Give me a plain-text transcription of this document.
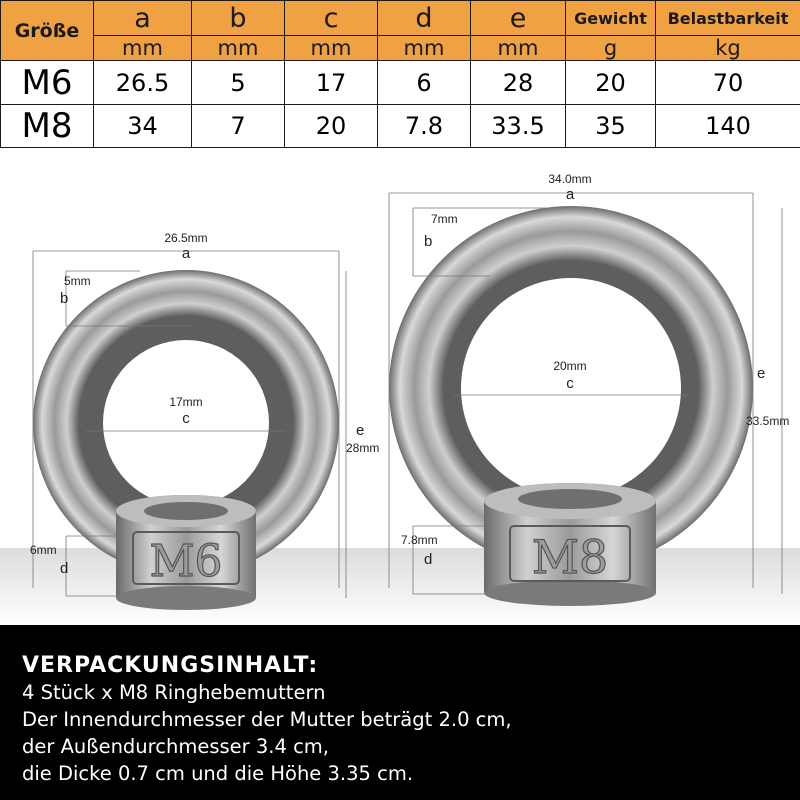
Größe	a	b	c	d	e	Gewicht	Belastbarkeit
	mm	mm	mm	mm	mm	g	kg
M6	26.5	5	17	6	28	20	70
M8	34	7	20	7.8	33.5	35	140
M6
26.5mm
a
5mm
b
17mm
c
6mm
d
e
28mm
M8
34.0mm
a
7mm
b
20mm
c
7.8mm
d
e
33.5mm
VERPACKUNGSINHALT:
4 Stück x M8 Ringhebemuttern
Der Innendurchmesser der Mutter beträgt 2.0 cm,
der Außendurchmesser 3.4 cm,
die Dicke 0.7 cm und die Höhe 3.35 cm.
